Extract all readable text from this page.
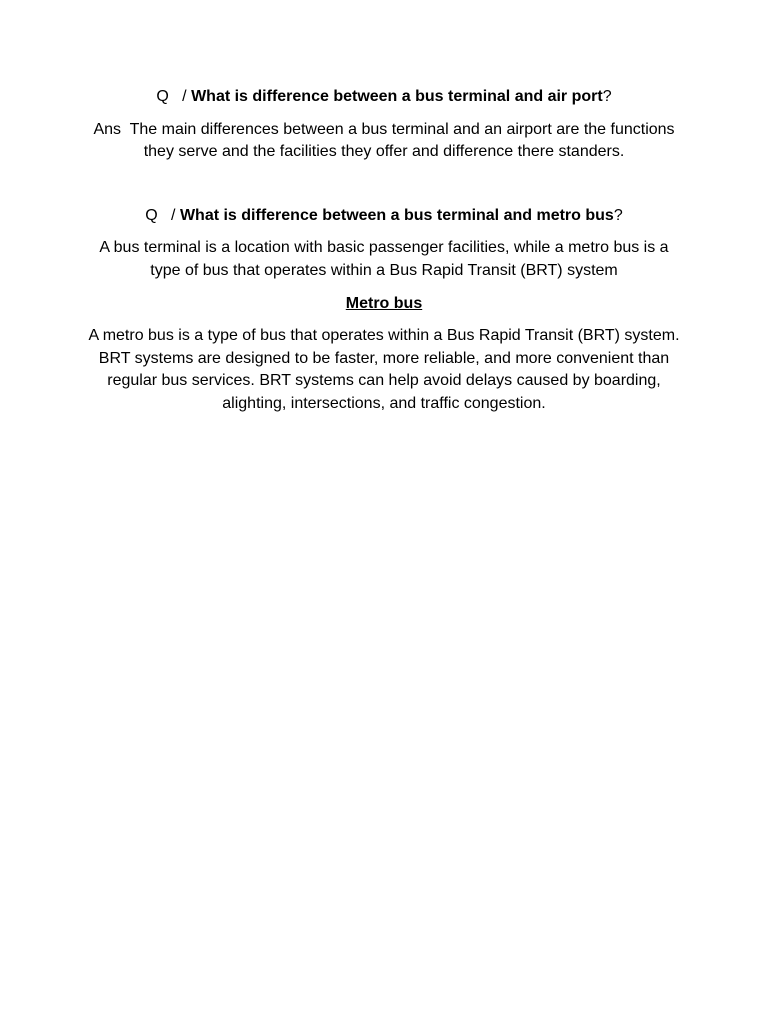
Q   / What is difference between a bus terminal and air port?

Ans  The main differences between a bus terminal and an airport are the functions they serve and the facilities they offer and difference there standers.

Q   / What is difference between a bus terminal and metro bus?

A bus terminal is a location with basic passenger facilities, while a metro bus is a type of bus that operates within a Bus Rapid Transit (BRT) system

Metro bus

A metro bus is a type of bus that operates within a Bus Rapid Transit (BRT) system. BRT systems are designed to be faster, more reliable, and more convenient than regular bus services. BRT systems can help avoid delays caused by boarding, alighting, intersections, and traffic congestion.
